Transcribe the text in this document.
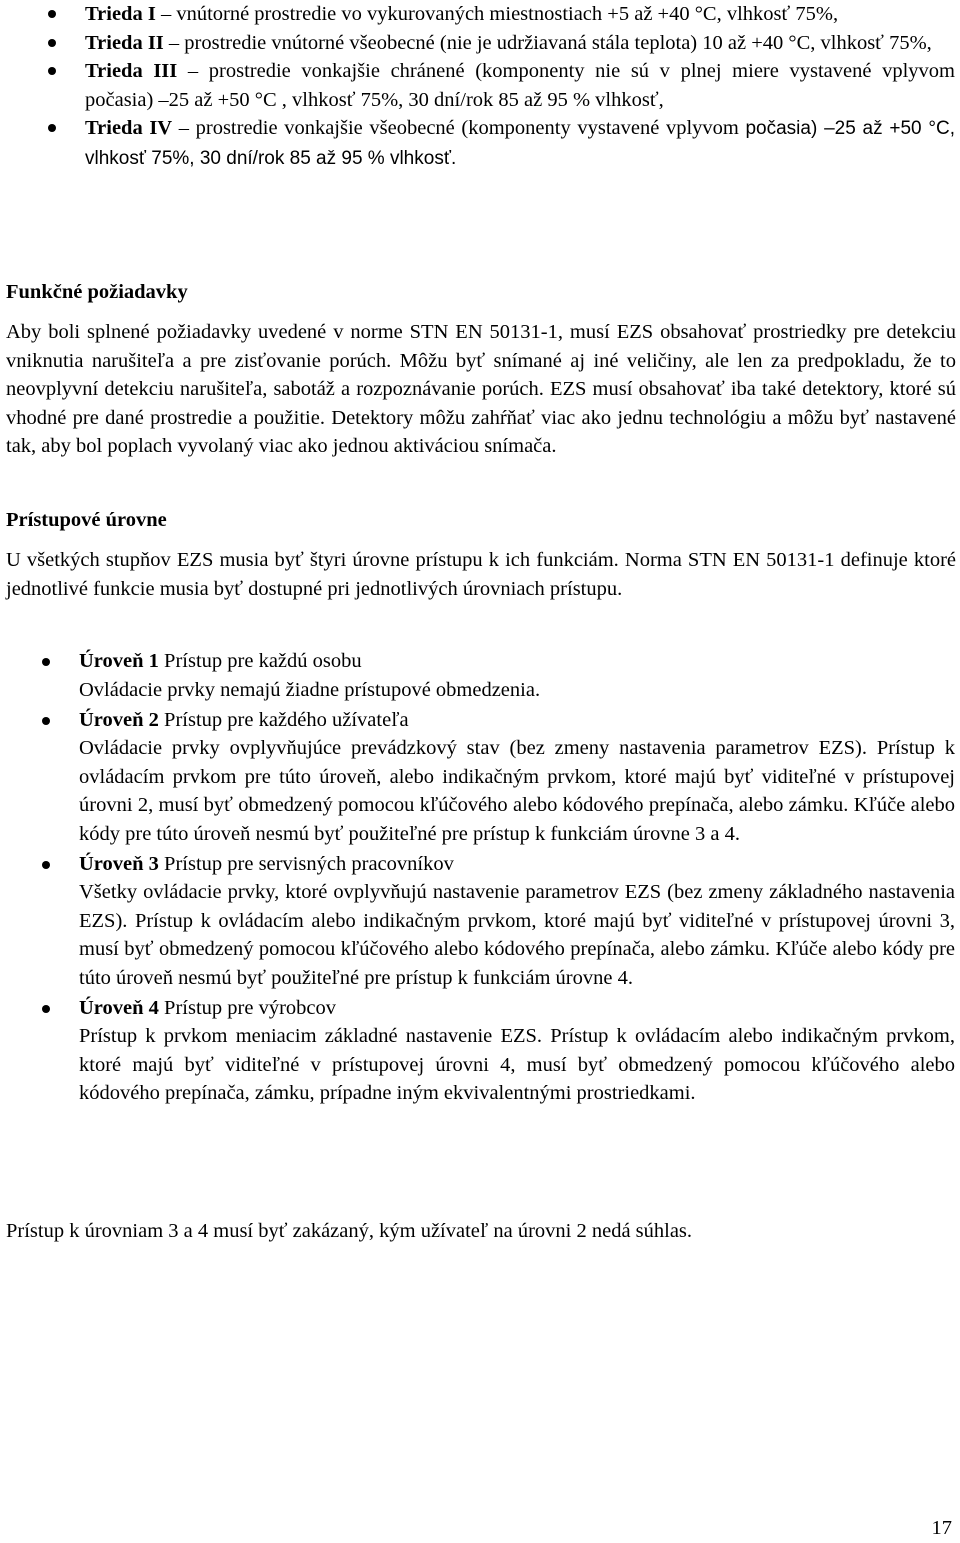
Trieda I – vnútorné prostredie vo vykurovaných miestnostiach +5 až +40 °C, vlhkosť 75%,
Trieda II – prostredie vnútorné všeobecné (nie je udržiavaná stála teplota) 10 až +40 °C, vlhkosť 75%,
Trieda III – prostredie vonkajšie chránené (komponenty nie sú v plnej miere vystavené vplyvom počasia) –25 až +50 °C , vlhkosť 75%, 30 dní/rok 85 až 95 % vlhkosť,
Trieda IV – prostredie vonkajšie všeobecné (komponenty vystavené vplyvom počasia) –25 až +50 °C, vlhkosť 75%, 30 dní/rok 85 až 95 % vlhkosť.
Funkčné požiadavky

Aby boli splnené požiadavky uvedené v norme STN EN 50131-1, musí EZS obsahovať prostriedky pre detekciu vniknutia narušiteľa a pre zisťovanie porúch. Môžu byť snímané aj iné veličiny, ale len za predpokladu, že to neovplyvní detekciu narušiteľa, sabotáž a rozpoznávanie porúch. EZS musí obsahovať iba také detektory, ktoré sú vhodné pre dané prostredie a použitie. Detektory môžu zahŕňať viac ako jednu technológiu a môžu byť nastavené tak, aby bol poplach vyvolaný viac ako jednou aktiváciou snímača.

Prístupové úrovne

U všetkých stupňov EZS musia byť štyri úrovne prístupu k ich funkciám. Norma STN EN 50131-1 definuje ktoré jednotlivé funkcie musia byť dostupné pri jednotlivých úrovniach prístupu.

Úroveň 1 Prístup pre každú osobu
Ovládacie prvky nemajú žiadne prístupové obmedzenia.
Úroveň 2 Prístup pre každého užívateľa
Ovládacie prvky ovplyvňujúce prevádzkový stav (bez zmeny nastavenia parametrov EZS). Prístup k ovládacím prvkom pre túto úroveň, alebo indikačným prvkom, ktoré majú byť viditeľné v prístupovej úrovni 2, musí byť obmedzený pomocou kľúčového alebo kódového prepínača, alebo zámku. Kľúče alebo kódy pre túto úroveň nesmú byť použiteľné pre prístup k funkciám úrovne 3 a 4.
Úroveň 3 Prístup pre servisných pracovníkov
Všetky ovládacie prvky, ktoré ovplyvňujú nastavenie parametrov EZS (bez zmeny základného nastavenia EZS). Prístup k ovládacím alebo indikačným prvkom, ktoré majú byť viditeľné v prístupovej úrovni 3, musí byť obmedzený pomocou kľúčového alebo kódového prepínača, alebo zámku. Kľúče alebo kódy pre túto úroveň nesmú byť použiteľné pre prístup k funkciám úrovne 4.
Úroveň 4 Prístup pre výrobcov
Prístup k prvkom meniacim základné nastavenie EZS. Prístup k ovládacím alebo indikačným prvkom, ktoré majú byť viditeľné v prístupovej úrovni 4, musí byť obmedzený pomocou kľúčového alebo kódového prepínača, zámku, prípadne iným ekvivalentnými prostriedkami.

Prístup k úrovniam 3 a 4 musí byť zakázaný, kým užívateľ na úrovni 2 nedá súhlas.

17
